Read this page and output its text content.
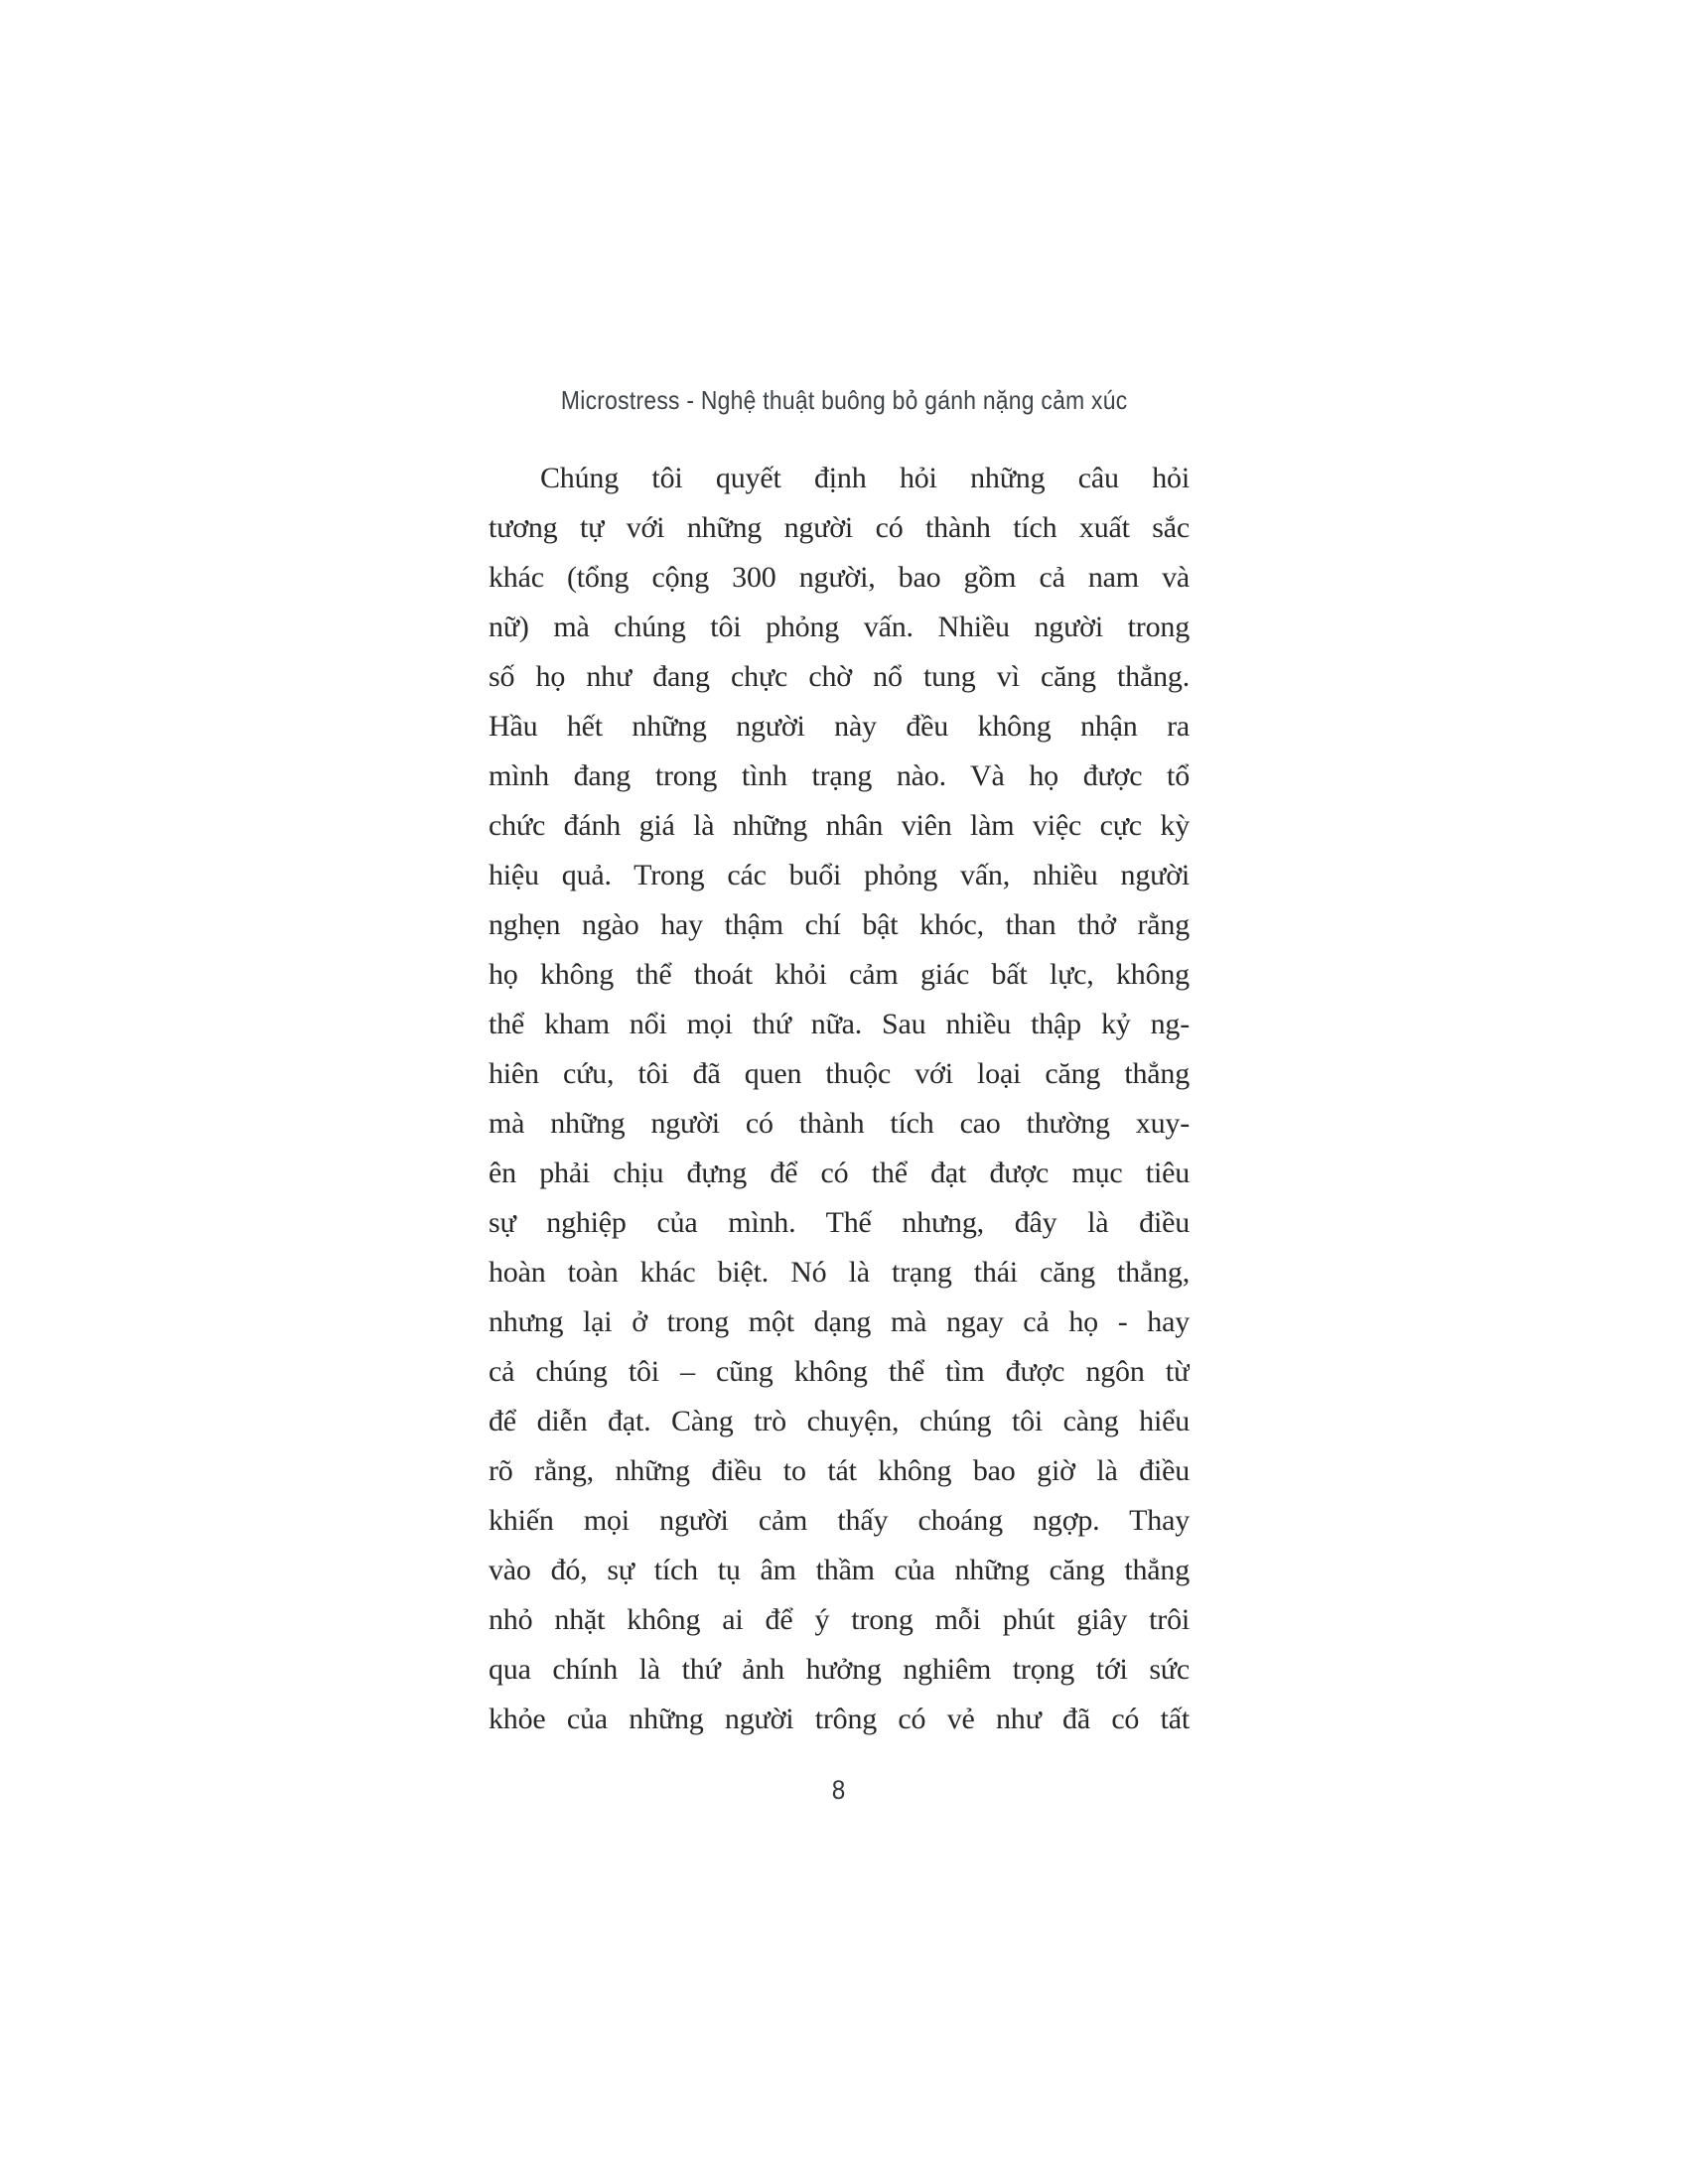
Microstress - Nghệ thuật buông bỏ gánh nặng cảm xúc
Chúng tôi quyết định hỏi những câu hỏi
tương tự với những người có thành tích xuất sắc
khác (tổng cộng 300 người, bao gồm cả nam và
nữ) mà chúng tôi phỏng vấn. Nhiều người trong
số họ như đang chực chờ nổ tung vì căng thẳng.
Hầu hết những người này đều không nhận ra
mình đang trong tình trạng nào. Và họ được tổ
chức đánh giá là những nhân viên làm việc cực kỳ
hiệu quả. Trong các buổi phỏng vấn, nhiều người
nghẹn ngào hay thậm chí bật khóc, than thở rằng
họ không thể thoát khỏi cảm giác bất lực, không
thể kham nổi mọi thứ nữa. Sau nhiều thập kỷ ng-
hiên cứu, tôi đã quen thuộc với loại căng thẳng
mà những người có thành tích cao thường xuy-
ên phải chịu đựng để có thể đạt được mục tiêu
sự nghiệp của mình. Thế nhưng, đây là điều
hoàn toàn khác biệt. Nó là trạng thái căng thẳng,
nhưng lại ở trong một dạng mà ngay cả họ - hay
cả chúng tôi – cũng không thể tìm được ngôn từ
để diễn đạt. Càng trò chuyện, chúng tôi càng hiểu
rõ rằng, những điều to tát không bao giờ là điều
khiến mọi người cảm thấy choáng ngợp. Thay
vào đó, sự tích tụ âm thầm của những căng thẳng
nhỏ nhặt không ai để ý trong mỗi phút giây trôi
qua chính là thứ ảnh hưởng nghiêm trọng tới sức
khỏe của những người trông có vẻ như đã có tất
8
